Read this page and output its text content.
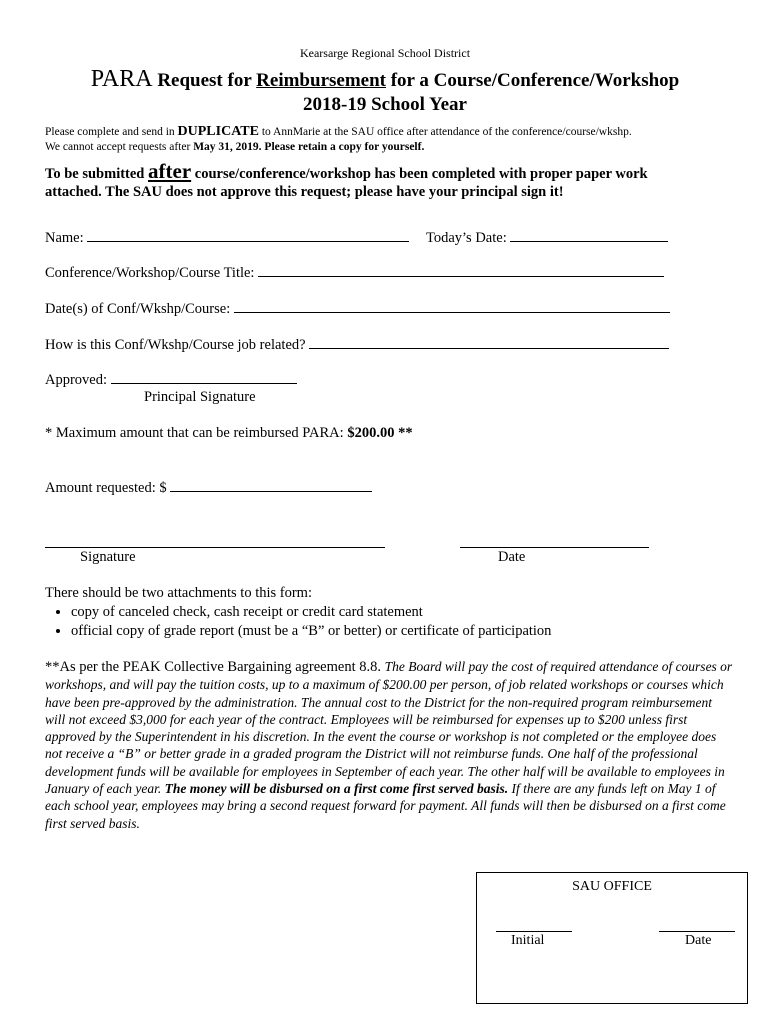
Kearsarge Regional School District
PARA Request for Reimbursement for a Course/Conference/Workshop
2018-19 School Year
Please complete and send in DUPLICATE to AnnMarie at the SAU office after attendance of the conference/course/wkshp.
We cannot accept requests after May 31, 2019. Please retain a copy for yourself.
To be submitted after course/conference/workshop has been completed with proper paper work
attached. The SAU does not approve this request; please have your principal sign it!
Name:	Today’s Date:
Conference/Workshop/Course Title:
Date(s) of Conf/Wkshp/Course:
How is this Conf/Wkshp/Course job related?
Approved:
Principal Signature
* Maximum amount that can be reimbursed PARA: $200.00 **
Amount requested: $
Signature	Date
There should be two attachments to this form:
• copy of canceled check, cash receipt or credit card statement
• official copy of grade report (must be a “B” or better) or certificate of participation
**As per the PEAK Collective Bargaining agreement 8.8. The Board will pay the cost of required attendance of courses or workshops, and will pay the tuition costs, up to a maximum of $200.00 per person, of job related workshops or courses which have been pre-approved by the administration. The annual cost to the District for the non-required program reimbursement will not exceed $3,000 for each year of the contract. Employees will be reimbursed for expenses up to $200 unless first approved by the Superintendent in his discretion. In the event the course or workshop is not completed or the employee does not receive a “B” or better grade in a graded program the District will not reimburse funds. One half of the professional development funds will be available for employees in September of each year. The other half will be available to employees in January of each year. The money will be disbursed on a first come first served basis. If there are any funds left on May 1 of each school year, employees may bring a second request forward for payment. All funds will then be disbursed on a first come first served basis.
SAU OFFICE
Initial	Date
